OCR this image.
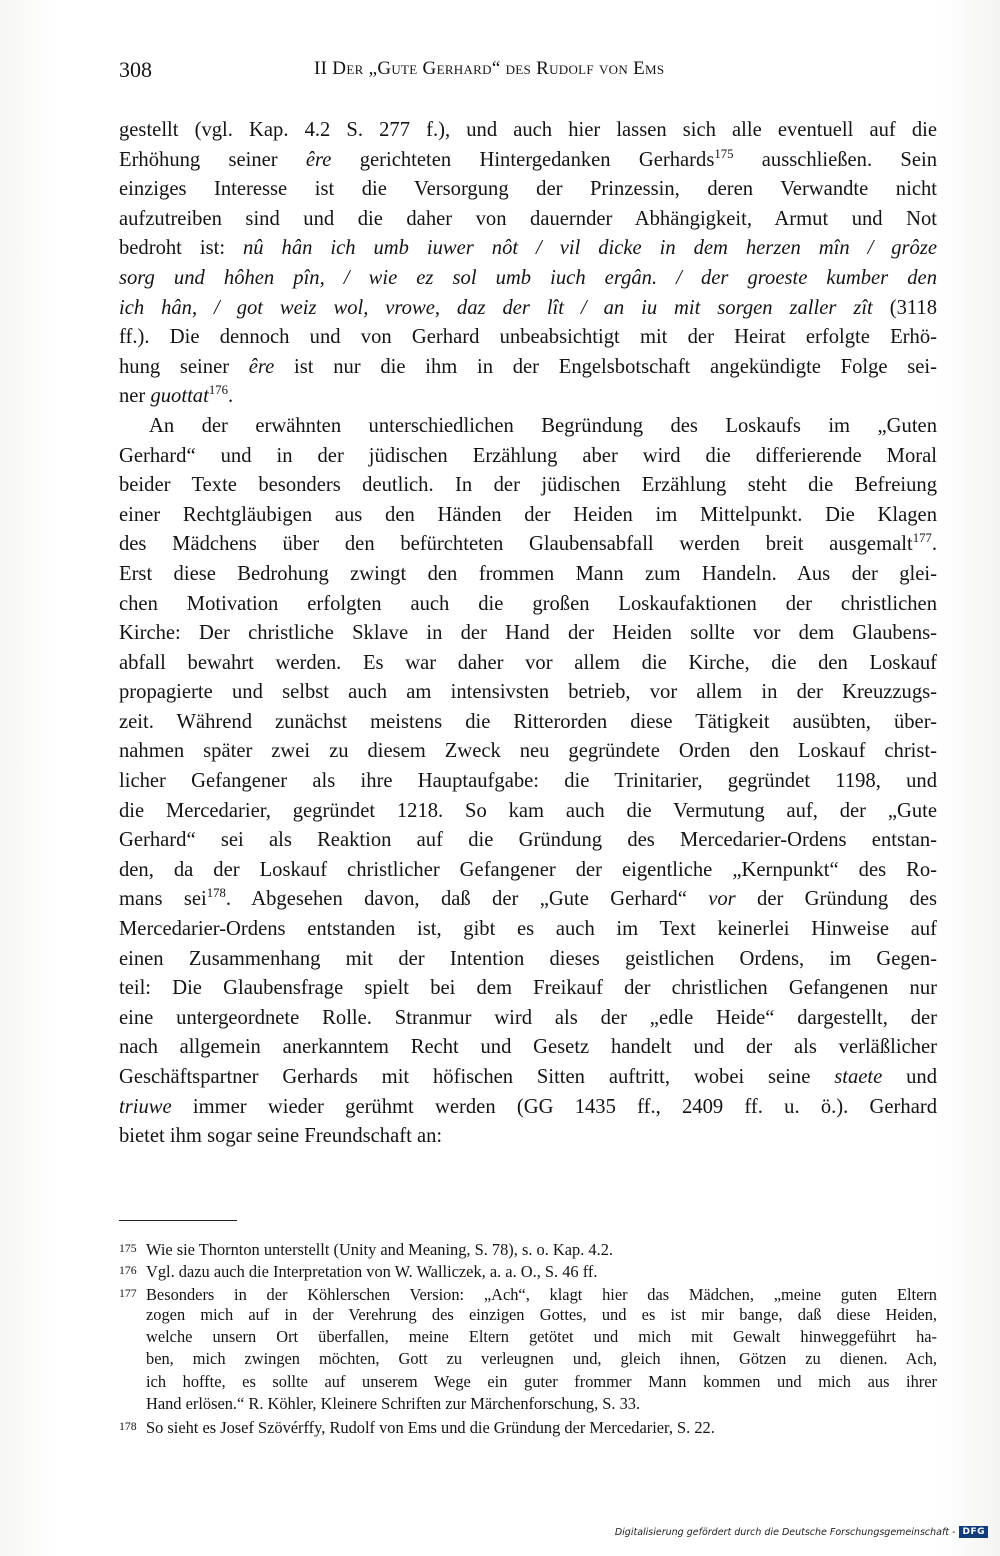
308	II Der „Gute Gerhard“ des Rudolf von Ems
gestellt (vgl. Kap. 4.2 S. 277 f.), und auch hier lassen sich alle eventuell auf die
Erhöhung seiner êre gerichteten Hintergedanken Gerhards$^{175}$ ausschließen. Sein
einziges Interesse ist die Versorgung der Prinzessin, deren Verwandte nicht
aufzutreiben sind und die daher von dauernder Abhängigkeit, Armut und Not
bedroht ist: nû hân ich umb iuwer nôt / vil dicke in dem herzen mîn / grôze
sorg und hôhen pîn, / wie ez sol umb iuch ergân. / der groeste kumber den
ich hân, / got weiz wol, vrowe, daz der lît / an iu mit sorgen zaller zît (3118
ff.). Die dennoch und von Gerhard unbeabsichtigt mit der Heirat erfolgte Erhö-
hung seiner êre ist nur die ihm in der Engelsbotschaft angekündigte Folge sei-
ner guottat$^{176}$.
An der erwähnten unterschiedlichen Begründung des Loskaufs im „Guten
Gerhard“ und in der jüdischen Erzählung aber wird die differierende Moral
beider Texte besonders deutlich. In der jüdischen Erzählung steht die Befreiung
einer Rechtgläubigen aus den Händen der Heiden im Mittelpunkt. Die Klagen
des Mädchens über den befürchteten Glaubensabfall werden breit ausgemalt$^{177}$.
Erst diese Bedrohung zwingt den frommen Mann zum Handeln. Aus der glei-
chen Motivation erfolgten auch die großen Loskaufaktionen der christlichen
Kirche: Der christliche Sklave in der Hand der Heiden sollte vor dem Glaubens-
abfall bewahrt werden. Es war daher vor allem die Kirche, die den Loskauf
propagierte und selbst auch am intensivsten betrieb, vor allem in der Kreuzzugs-
zeit. Während zunächst meistens die Ritterorden diese Tätigkeit ausübten, über-
nahmen später zwei zu diesem Zweck neu gegründete Orden den Loskauf christ-
licher Gefangener als ihre Hauptaufgabe: die Trinitarier, gegründet 1198, und
die Mercedarier, gegründet 1218. So kam auch die Vermutung auf, der „Gute
Gerhard“ sei als Reaktion auf die Gründung des Mercedarier-Ordens entstan-
den, da der Loskauf christlicher Gefangener der eigentliche „Kernpunkt“ des Ro-
mans sei$^{178}$. Abgesehen davon, daß der „Gute Gerhard“ vor der Gründung des
Mercedarier-Ordens entstanden ist, gibt es auch im Text keinerlei Hinweise auf
einen Zusammenhang mit der Intention dieses geistlichen Ordens, im Gegen-
teil: Die Glaubensfrage spielt bei dem Freikauf der christlichen Gefangenen nur
eine untergeordnete Rolle. Stranmur wird als der „edle Heide“ dargestellt, der
nach allgemein anerkanntem Recht und Gesetz handelt und der als verläßlicher
Geschäftspartner Gerhards mit höfischen Sitten auftritt, wobei seine staete und
triuwe immer wieder gerühmt werden (GG 1435 ff., 2409 ff. u. ö.). Gerhard
bietet ihm sogar seine Freundschaft an:
175 Wie sie Thornton unterstellt (Unity and Meaning, S. 78), s. o. Kap. 4.2.
176 Vgl. dazu auch die Interpretation von W. Walliczek, a. a. O., S. 46 ff.
177 Besonders in der Köhlerschen Version: „Ach“, klagt hier das Mädchen, „meine guten Eltern
zogen mich auf in der Verehrung des einzigen Gottes, und es ist mir bange, daß diese Heiden,
welche unsern Ort überfallen, meine Eltern getötet und mich mit Gewalt hinweggeführt ha-
ben, mich zwingen möchten, Gott zu verleugnen und, gleich ihnen, Götzen zu dienen. Ach,
ich hoffte, es sollte auf unserem Wege ein guter frommer Mann kommen und mich aus ihrer
Hand erlösen.“ R. Köhler, Kleinere Schriften zur Märchenforschung, S. 33.
178 So sieht es Josef Szövérffy, Rudolf von Ems und die Gründung der Mercedarier, S. 22.
Digitalisierung gefördert durch die Deutsche Forschungsgemeinschaft - DFG
